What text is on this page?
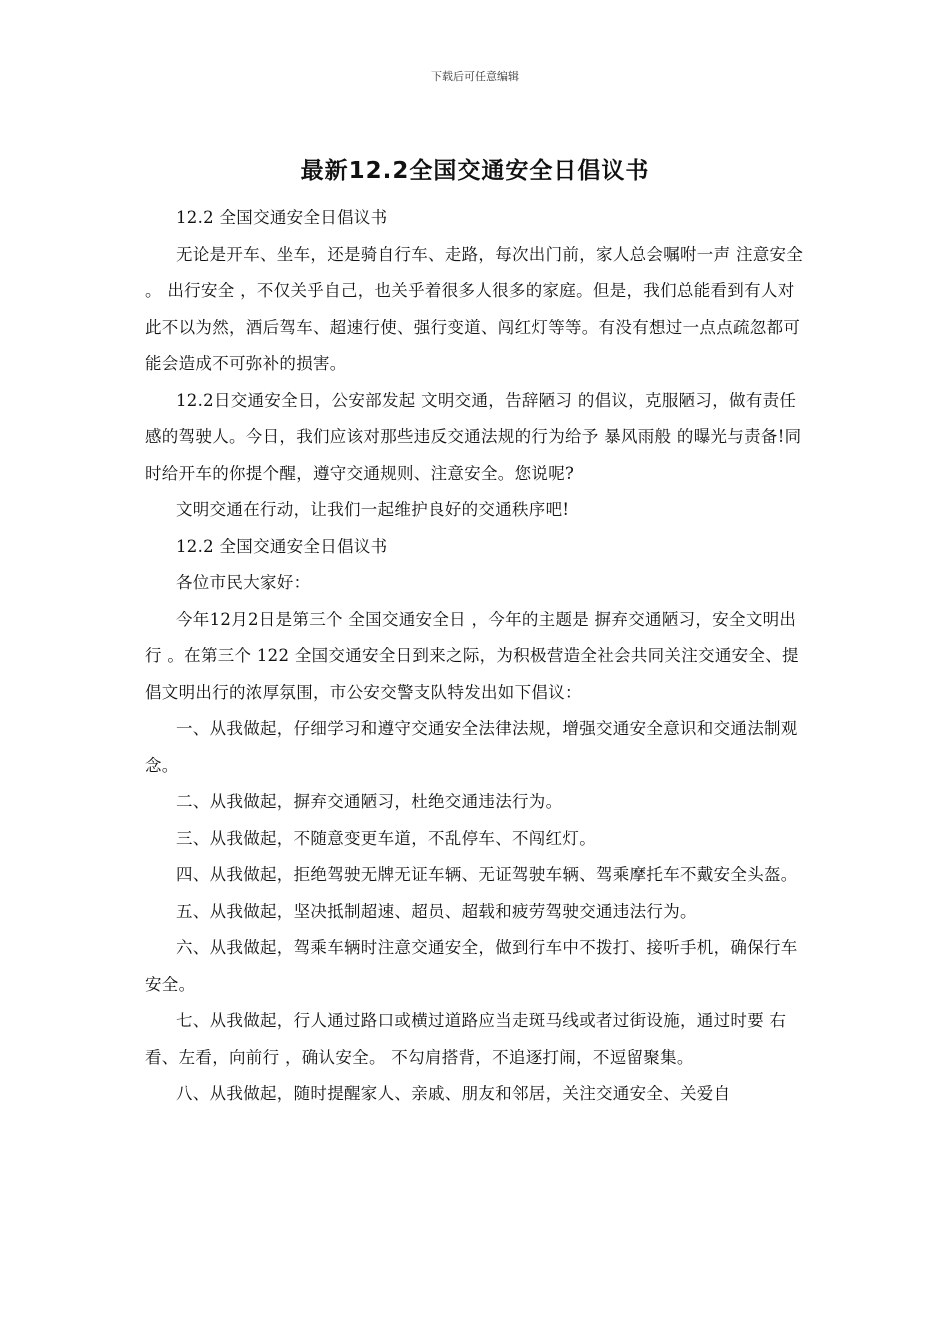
下载后可任意编辑
最新12.2全国交通安全日倡议书

12.2 全国交通安全日倡议书

无论是开车、坐车，还是骑自行车、走路，每次出门前，家人总会嘱咐一声 注意安全 。 出行安全 ，不仅关乎自己，也关乎着很多人很多的家庭。但是，我们总能看到有人对此不以为然，酒后驾车、超速行使、强行变道、闯红灯等等。有没有想过一点点疏忽都可能会造成不可弥补的损害。

12.2日交通安全日，公安部发起 文明交通，告辞陋习 的倡议，克服陋习，做有责任感的驾驶人。今日，我们应该对那些违反交通法规的行为给予 暴风雨般 的曝光与责备!同时给开车的你提个醒，遵守交通规则、注意安全。您说呢?

文明交通在行动，让我们一起维护良好的交通秩序吧!

12.2 全国交通安全日倡议书

各位市民大家好：

今年12月2日是第三个 全国交通安全日 ，今年的主题是 摒弃交通陋习，安全文明出行 。在第三个 122 全国交通安全日到来之际，为积极营造全社会共同关注交通安全、提倡文明出行的浓厚氛围，市公安交警支队特发出如下倡议：

一、从我做起，仔细学习和遵守交通安全法律法规，增强交通安全意识和交通法制观念。

二、从我做起，摒弃交通陋习，杜绝交通违法行为。

三、从我做起，不随意变更车道，不乱停车、不闯红灯。

四、从我做起，拒绝驾驶无牌无证车辆、无证驾驶车辆、驾乘摩托车不戴安全头盔。

五、从我做起，坚决抵制超速、超员、超载和疲劳驾驶交通违法行为。

六、从我做起，驾乘车辆时注意交通安全，做到行车中不拨打、接听手机，确保行车安全。

七、从我做起，行人通过路口或横过道路应当走斑马线或者过街设施，通过时要 右看、左看，向前行 ，确认安全。 不勾肩搭背，不追逐打闹，不逗留聚集。

八、从我做起，随时提醒家人、亲戚、朋友和邻居，关注交通安全、关爱自
